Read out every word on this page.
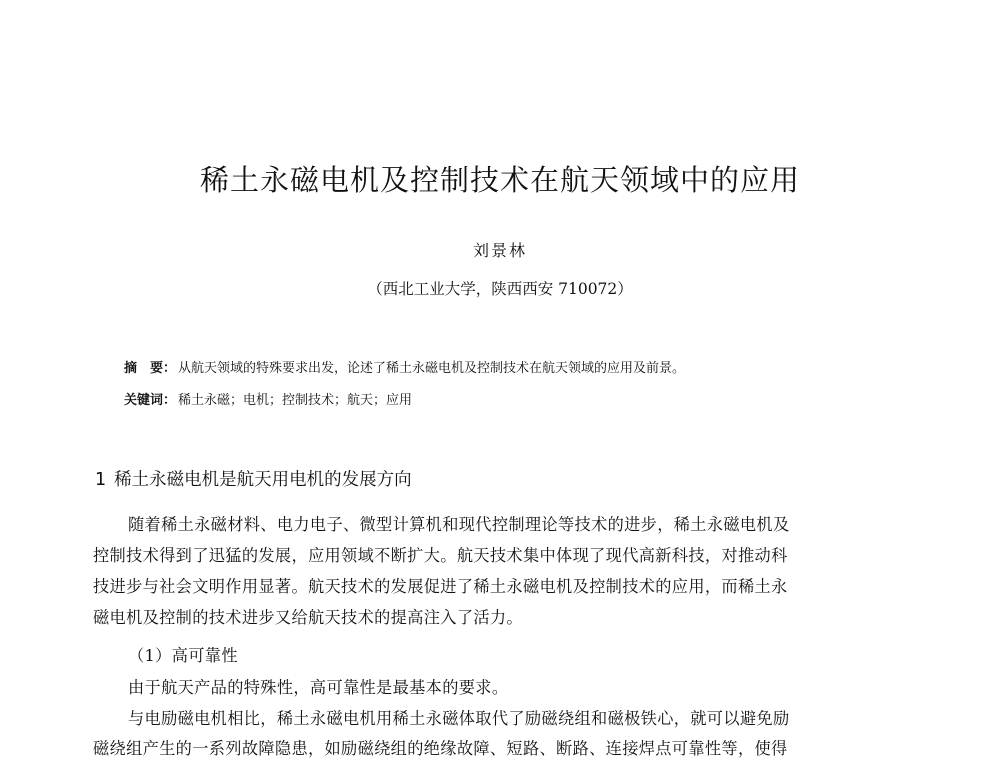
稀土永磁电机及控制技术在航天领域中的应用
刘景林
（西北工业大学，陕西西安 710072）
摘　要： 从航天领域的特殊要求出发，论述了稀土永磁电机及控制技术在航天领域的应用及前景。
关键词： 稀土永磁；电机；控制技术；航天；应用
1 稀土永磁电机是航天用电机的发展方向
随着稀土永磁材料、电力电子、微型计算机和现代控制理论等技术的进步，稀土永磁电机及
控制技术得到了迅猛的发展，应用领域不断扩大。航天技术集中体现了现代高新科技，对推动科
技进步与社会文明作用显著。航天技术的发展促进了稀土永磁电机及控制技术的应用，而稀土永
磁电机及控制的技术进步又给航天技术的提高注入了活力。
（1）高可靠性
由于航天产品的特殊性，高可靠性是最基本的要求。
与电励磁电机相比，稀土永磁电机用稀土永磁体取代了励磁绕组和磁极铁心，就可以避免励
磁绕组产生的一系列故障隐患，如励磁绕组的绝缘故障、短路、断路、连接焊点可靠性等，使得
